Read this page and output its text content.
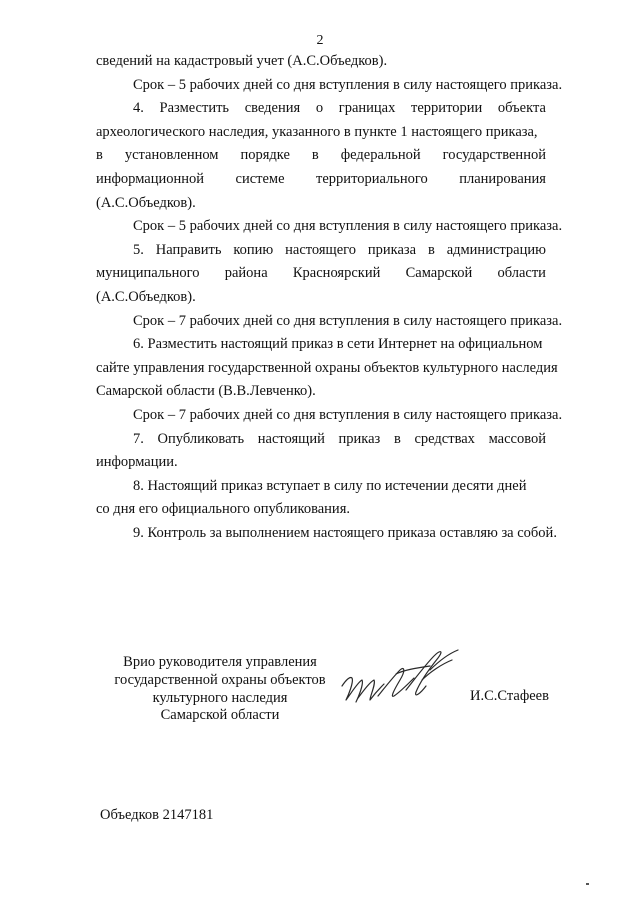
2
сведений на кадастровый учет (А.С.Объедков).
Срок – 5 рабочих дней со дня вступления в силу настоящего приказа.
4. Разместить сведения о границах территории объекта
археологического наследия, указанного в пункте 1 настоящего приказа,
в установленном порядке в федеральной государственной
информационной системе территориального планирования
(А.С.Объедков).
Срок – 5 рабочих дней со дня вступления в силу настоящего приказа.
5. Направить копию настоящего приказа в администрацию
муниципального района Красноярский Самарской области
(А.С.Объедков).
Срок – 7 рабочих дней со дня вступления в силу настоящего приказа.
6. Разместить настоящий приказ в сети Интернет на официальном
сайте управления государственной охраны объектов культурного наследия
Самарской области (В.В.Левченко).
Срок – 7 рабочих дней со дня вступления в силу настоящего приказа.
7. Опубликовать настоящий приказ в средствах массовой
информации.
8. Настоящий приказ вступает в силу по истечении десяти дней
со дня его официального опубликования.
9. Контроль за выполнением настоящего приказа оставляю за собой.
Врио руководителя управления
государственной охраны объектов
культурного наследия
Самарской области
И.С.Стафеев
Объедков 2147181
